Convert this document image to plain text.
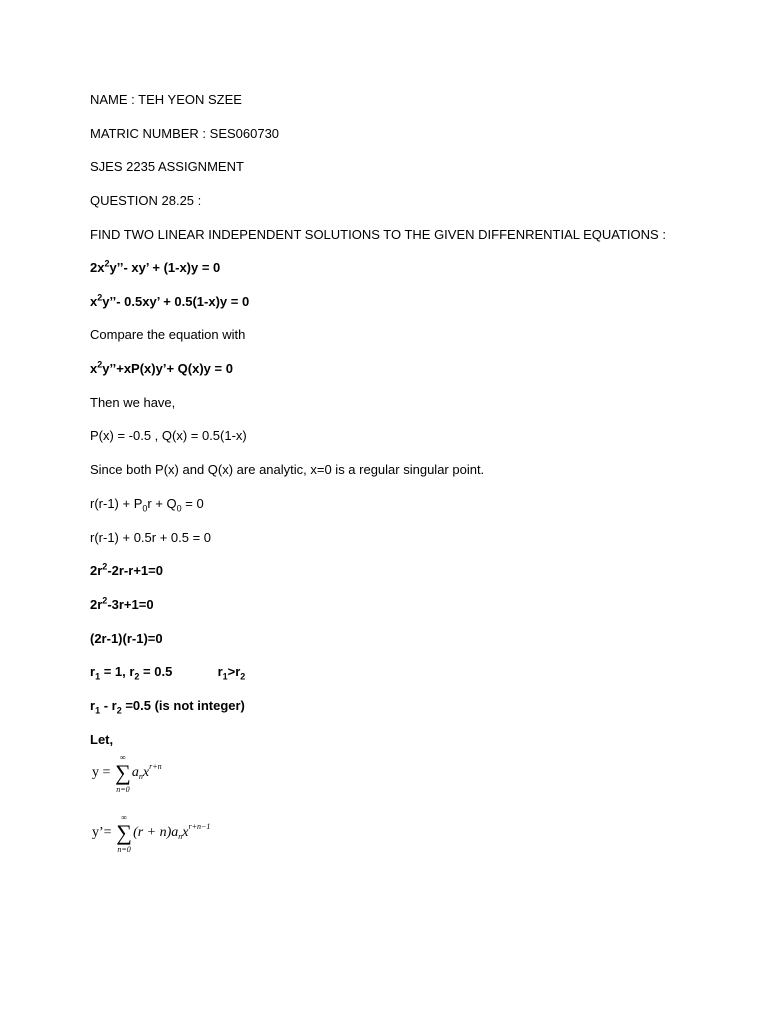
NAME : TEH YEON SZEE
MATRIC NUMBER : SES060730
SJES 2235 ASSIGNMENT
QUESTION 28.25 :
FIND TWO LINEAR INDEPENDENT SOLUTIONS TO THE GIVEN DIFFENRENTIAL EQUATIONS :
$2x^2y’’-$ xy’ + (1-x)y = 0
$x^2y’’-$ 0.5xy’ + 0.5(1-x)y = 0
Compare the equation with
$x^2y’’+xP(x)y’+ Q(x)y = 0$
Then we have,
P(x) = -0.5 , Q(x) = 0.5(1-x)
Since both P(x) and Q(x) are analytic, x=0 is a regular singular point.
$r(r-1) + P_0r + Q_0 = 0$
r(r-1) + 0.5r + 0.5 = 0
$2r^2-2r-r+1=0$
$2r^2-3r+1=0$
(2r-1)(r-1)=0
$r_1 = 1$, $r_2 = 0.5$	$r_1>r_2$
$r_1 - r_2 =0.5$ (is not integer)
Let,
y =
∞
∑
n=0
$a_nx^{r+n}$
y’=
∞
∑
n=0
$(r + n)a_nx^{r+n-1}$
